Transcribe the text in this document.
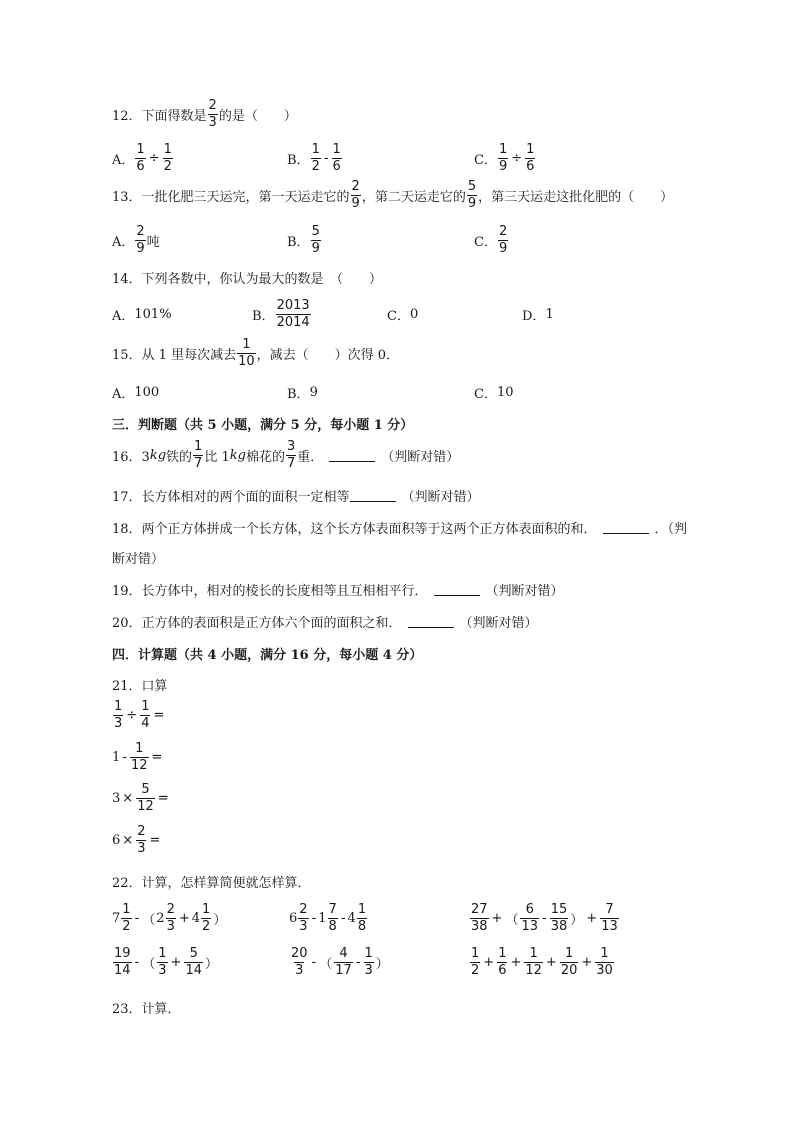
12．下面得数是 $\frac{2}{3}$ 的是（　　）
A． $\frac{1}{6} \div \frac{1}{2}$	B． $\frac{1}{2} - \frac{1}{6}$	C． $\frac{1}{9} \div \frac{1}{6}$
13．一批化肥三天运完，第一天运走它的 $\frac{2}{9}$ ，第二天运走它的 $\frac{5}{9}$ ，第三天运走这批化肥的（　　）
A． $\frac{2}{9}$ 吨	B． $\frac{5}{9}$	C． $\frac{2}{9}$
14．下列各数中，你认为最大的数是　（　　）
A． 101%	B． $\frac{2013}{2014}$	C． 0	D． 1
15．从 1 里每次减去 $\frac{1}{10}$ ，减去（　　）次得 0．
A． 100	B． 9	C． 10
三．判断题（共 5 小题，满分 5 分，每小题 1 分）
16．3 kg 铁的 $\frac{1}{7}$ 比 1 kg 棉花的 $\frac{3}{7}$ 重．	（判断对错）
17．长方体相对的两个面的面积一定相等	（判断对错）
18．两个正方体拼成一个长方体，这个长方体表面积等于这两个正方体表面积的和．	．（判
断对错）
19．长方体中，相对的棱长的长度相等且互相相平行．	（判断对错）
20．正方体的表面积是正方体六个面的面积之和．	（判断对错）
四．计算题（共 4 小题，满分 16 分，每小题 4 分）
21．口算
$\frac{1}{3} \div \frac{1}{4}$ =
$1 - \frac{1}{12}$ =
$3 \times \frac{5}{12}$ =
$6 \times \frac{2}{3}$ =
22．计算，怎样算简便就怎样算．
$7 \frac{1}{2}$ - （ $2 \frac{2}{3} + 4 \frac{1}{2}$ ）	$6 \frac{2}{3} - 1 \frac{7}{8} - 4 \frac{1}{8}$	$\frac{27}{38}$ + （ $\frac{6}{13} - \frac{15}{38}$ ） + $\frac{7}{13}$
$\frac{19}{14}$ - （ $\frac{1}{3} + \frac{5}{14}$ ）	$\frac{20}{3}$ - （ $\frac{4}{17} - \frac{1}{3}$ ）	$\frac{1}{2} + \frac{1}{6} + \frac{1}{12} + \frac{1}{20} + \frac{1}{30}$
23．计算．
